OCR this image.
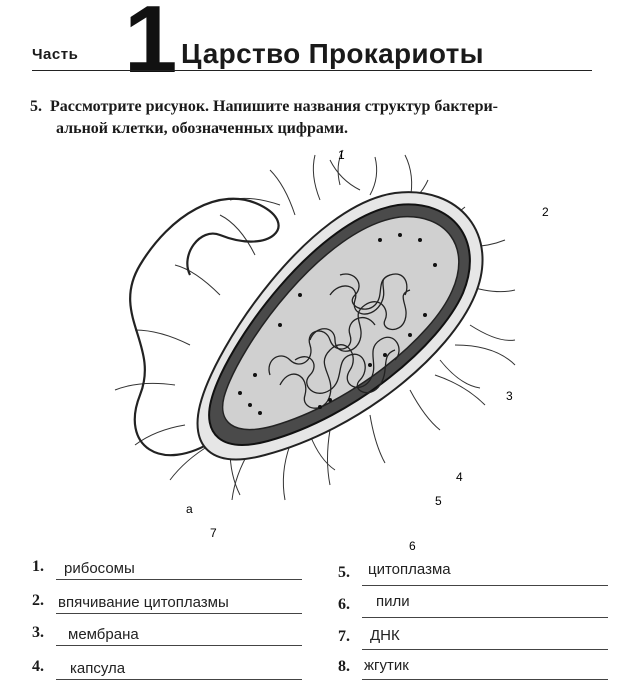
Часть 1 Царство Прокариоты
5. Рассмотрите рисунок. Напишите названия структур бактери-
альной клетки, обозначенных цифрами.
1
2
3
4
5
6
7
а
1. рибосомы
2. впячивание цитоплазмы
3. мембрана
4. капсула
5. цитоплазма
6. пили
7. ДНК
8. жгутик
